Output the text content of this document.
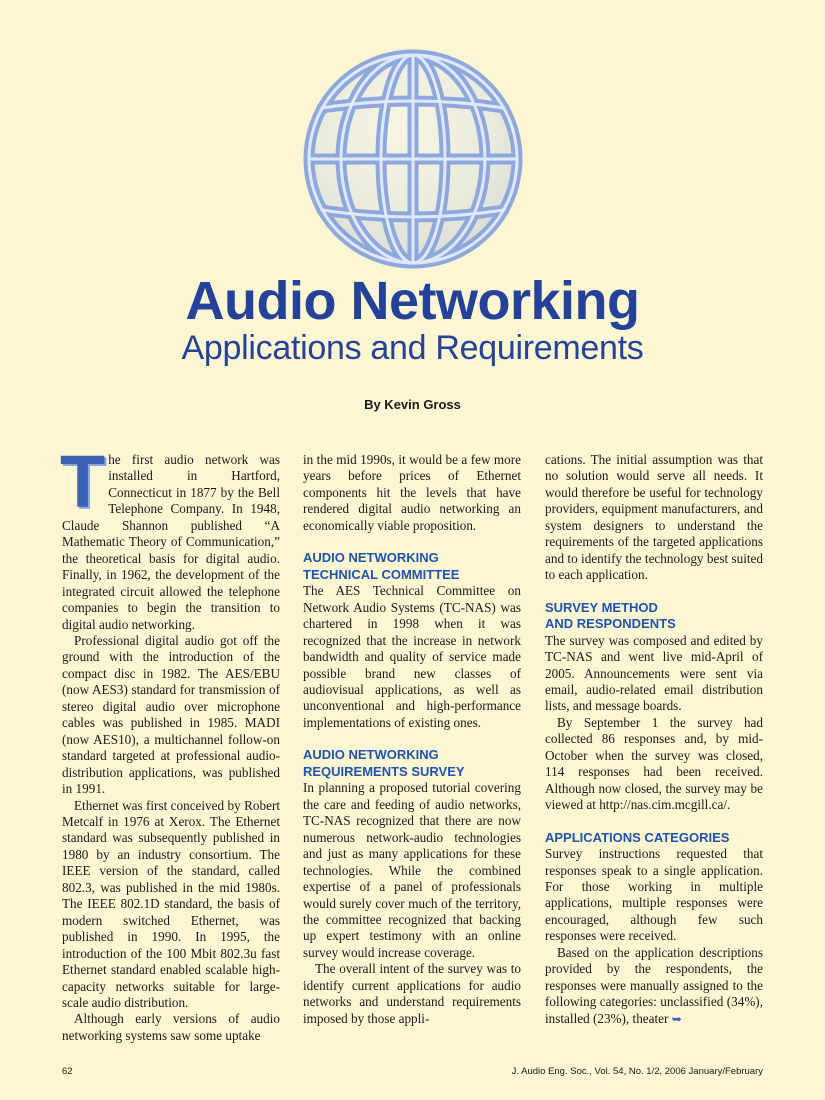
Audio Networking
Applications and Requirements
By Kevin Gross

The first audio network was installed in Hartford, Connecticut in 1877 by the Bell Telephone Company. In 1948, Claude Shannon published “A Mathematic Theory of Communication,” the theoretical basis for digital audio. Finally, in 1962, the development of the integrated circuit allowed the telephone companies to begin the transition to digital audio networking.

Professional digital audio got off the ground with the introduction of the compact disc in 1982. The AES/EBU (now AES3) standard for transmission of stereo digital audio over microphone cables was published in 1985. MADI (now AES10), a multichannel follow-on standard targeted at professional audio-distribution applications, was published in 1991.

Ethernet was first conceived by Robert Metcalf in 1976 at Xerox. The Ethernet standard was subsequently published in 1980 by an industry consortium. The IEEE version of the standard, called 802.3, was published in the mid 1980s. The IEEE 802.1D standard, the basis of modern switched Ethernet, was published in 1990. In 1995, the introduction of the 100 Mbit 802.3u fast Ethernet standard enabled scalable high-capacity networks suitable for large-scale audio distribution.

Although early versions of audio networking systems saw some uptake

in the mid 1990s, it would be a few more years before prices of Ethernet components hit the levels that have rendered digital audio networking an economically viable proposition.

AUDIO NETWORKING
TECHNICAL COMMITTEE

The AES Technical Committee on Network Audio Systems (TC-NAS) was chartered in 1998 when it was recognized that the increase in network bandwidth and quality of service made possible brand new classes of audiovisual applications, as well as unconventional and high-performance implementations of existing ones.

AUDIO NETWORKING
REQUIREMENTS SURVEY

In planning a proposed tutorial covering the care and feeding of audio networks, TC-NAS recognized that there are now numerous network-audio technologies and just as many applications for these technologies. While the combined expertise of a panel of professionals would surely cover much of the territory, the committee recognized that backing up expert testimony with an online survey would increase coverage.

The overall intent of the survey was to identify current applications for audio networks and understand requirements imposed by those appli-

cations. The initial assumption was that no solution would serve all needs. It would therefore be useful for technology providers, equipment manufacturers, and system designers to understand the requirements of the targeted applications and to identify the technology best suited to each application.

SURVEY METHOD
AND RESPONDENTS

The survey was composed and edited by TC-NAS and went live mid-April of 2005. Announcements were sent via email, audio-related email distribution lists, and message boards.

By September 1 the survey had collected 86 responses and, by mid-October when the survey was closed, 114 responses had been received. Although now closed, the survey may be viewed at http://nas.cim.mcgill.ca/.

APPLICATIONS CATEGORIES

Survey instructions requested that responses speak to a single application. For those working in multiple applications, multiple responses were encouraged, although few such responses were received.

Based on the application descriptions provided by the respondents, the responses were manually assigned to the following categories: unclassified (34%), installed (23%), theater ➥

62	J. Audio Eng. Soc., Vol. 54, No. 1/2, 2006 January/February
